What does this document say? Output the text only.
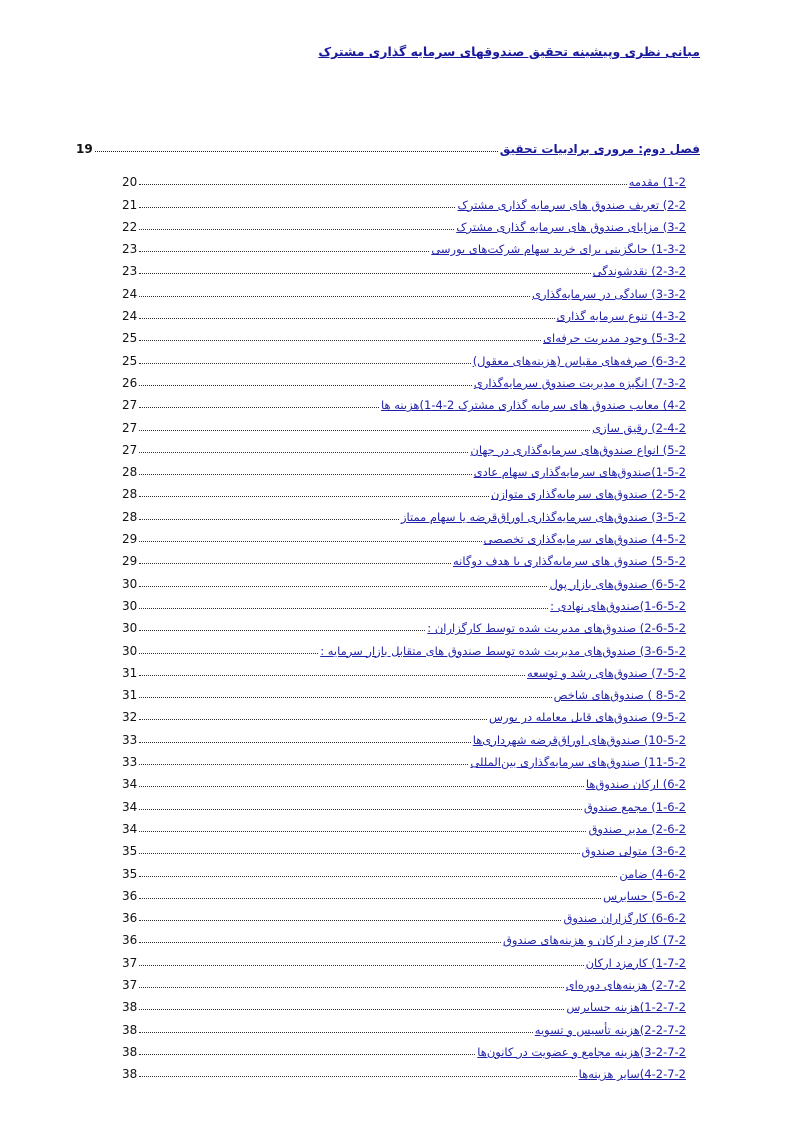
مبانی نظری وپیشینه تحقیق صندوقهای سرمایه گذاری مشترک
فصل دوم: مروری برادبیات تحقیق
19
1-2) مقدمه
20
2-2) تعریف صندوق های سرمایه گذاری مشترک
21
3-2) مزایای صندوق های سرمایه گذاری مشترک
22
1-3-2) جایگزینی برای خرید سهام شرکت‌های بورسی
23
2-3-2) نقدشوندگی
23
3-3-2) سادگی در سرمایه‌گذاری
24
4-3-2) تنوع سرمایه گذاری
24
5-3-2) وجود مدیریت حرفه‌ای
25
6-3-2) صرفه‌های مقیاس (هزینه‌های معقول)
25
7-3-2) انگیزه مدیریت صندوق سرمایه‌گذاری
26
4-2) معایب صندوق های سرمایه گذاری مشترک 2-4-1)هزینه ها
27
2-4-2) رقیق سازی
27
5-2) انواع صندوق‌های سرمایه‌گذاری در جهان
27
1-5-2)صندوق‌های سرمایه‌گذاری سهام عادی
28
2-5-2) صندوق‌های سرمایه‌گذاری متوازن
28
3-5-2) صندوق‌های سرمایه‌گذاری اوراق‌قرضه یا سهام ممتاز
28
4-5-2) صندوق‌های سرمایه‌گذاری تخصصی
29
5-5-2) صندوق های سرمایه‌گذاری با هدف دوگانه
29
6-5-2) صندوق‌های بازار پول
30
1-6-5-2)صندوق‌های نهادی :
30
2-6-5-2) صندوق‌های مدیریت شده توسط کارگزاران :
30
3-6-5-2) صندوق‌های مدیریت شده توسط صندوق های متقابل بازار سرمایه :
30
7-5-2) صندوق‌های رشد و توسعه
31
8-5-2 ) صندوق‌های شاخص
31
9-5-2) صندوق‌های قابل معامله در بورس
32
10-5-2) صندوق‌های اوراق‌قرضه شهرداری‌ها
33
11-5-2) صندوق‌های سرمایه‌گذاری بین‌المللی
33
6-2) ارکان صندوق‌ها
34
1-6-2) مجمع صندوق
34
2-6-2) مدیر صندوق
34
3-6-2) متولی صندوق
35
4-6-2) ضامن
35
5-6-2) حسابرس
36
6-6-2) کارگزاران صندوق
36
7-2) کارمزد ارکان و هزینه‌های صندوق
36
1-7-2) کارمزد ارکان
37
2-7-2) هزینه‌های دوره‌ای
37
1-2-7-2)هزینه حسابرس
38
2-2-7-2)هزینه تأسیس و تسویه
38
3-2-7-2)هزینه مجامع و عضویت در کانون‌ها
38
4-2-7-2)سایر هزینه‌ها
38
